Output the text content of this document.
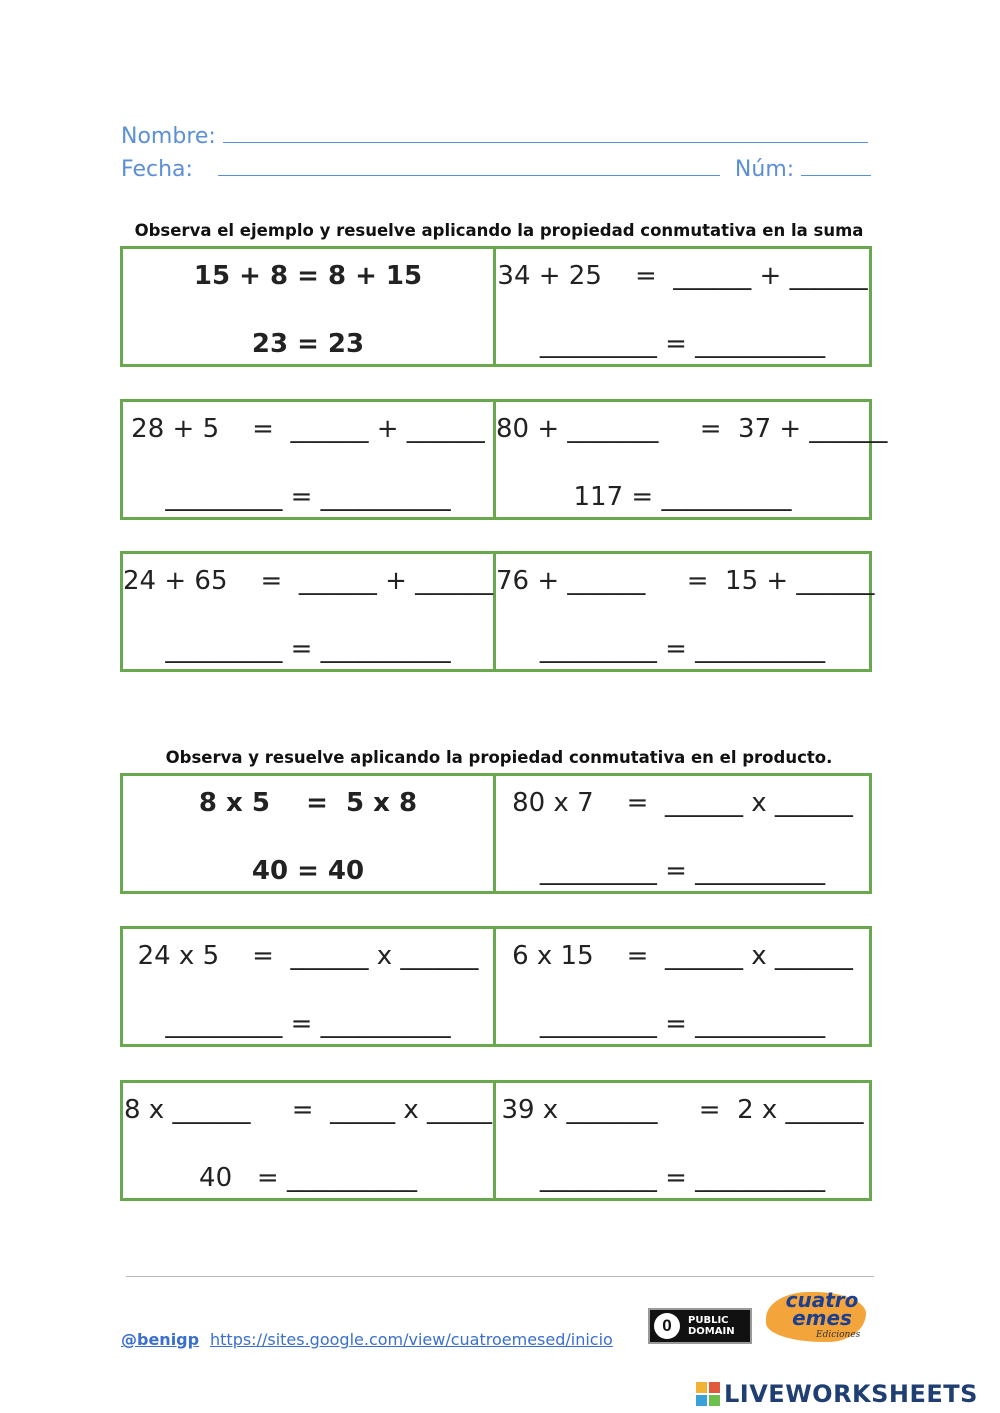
Nombre:
Fecha:	Núm:
Observa el ejemplo y resuelve aplicando la propiedad conmutativa en la suma
15 + 8 = 8 + 15
23 = 23
34 + 25    =  ______ + ______
_________ = __________
28 + 5    =  ______ + ______
_________ = __________
80 + _______     =  37 + ______
117 = __________
24 + 65    =  ______ + ______
_________ = __________
76 + ______     =  15 + ______
_________ = __________
Observa y resuelve aplicando la propiedad conmutativa en el producto.
8 x 5    =  5 x 8
40 = 40
80 x 7    =  ______ x ______
_________ = __________
24 x 5    =  ______ x ______
_________ = __________
6 x 15    =  ______ x ______
_________ = __________
8 x ______     =  _____ x _____
40   = __________
39 x _______     =  2 x ______
_________ = __________
@benigp https://sites.google.com/view/cuatroemesed/inicio
0	PUBLIC
DOMAIN
cuatro
emes
Ediciones
LIVEWORKSHEETS
